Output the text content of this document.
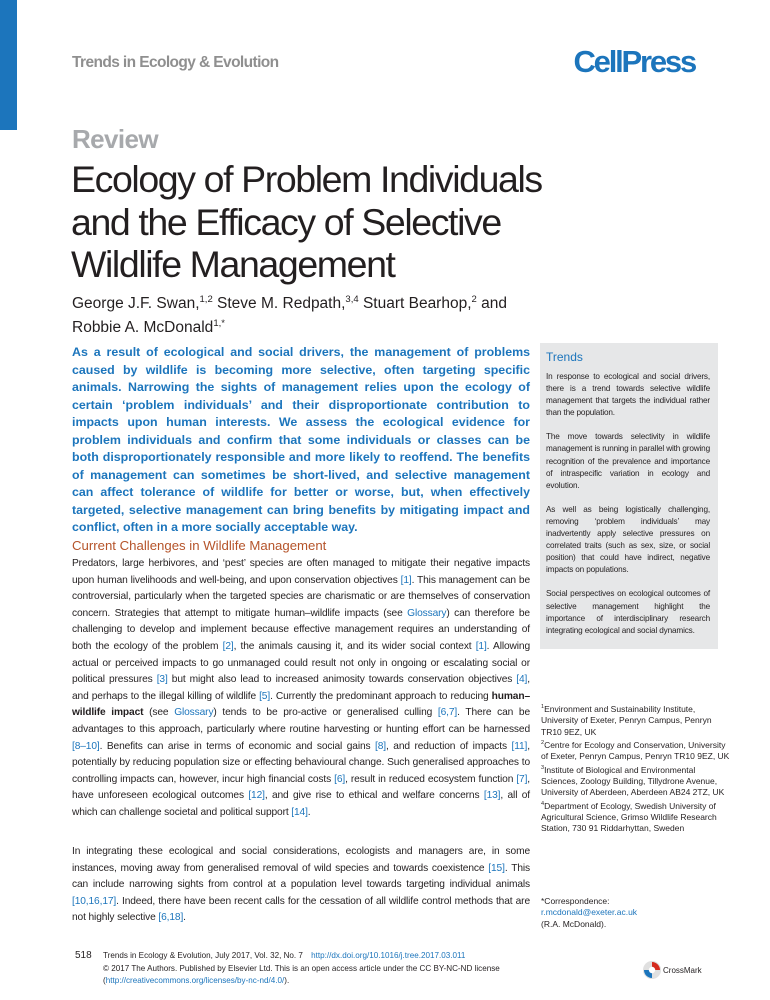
Trends in Ecology & Evolution	CellPress
Review
Ecology of Problem Individuals and the Efficacy of Selective Wildlife Management
George J.F. Swan,$^{1,2}$ Steve M. Redpath,$^{3,4}$ Stuart Bearhop,$^2$ and Robbie A. McDonald$^{1,*}$
As a result of ecological and social drivers, the management of problems caused by wildlife is becoming more selective, often targeting specific animals. Narrowing the sights of management relies upon the ecology of certain ‘problem individuals’ and their disproportionate contribution to impacts upon human interests. We assess the ecological evidence for problem individuals and confirm that some individuals or classes can be both disproportionately responsible and more likely to reoffend. The benefits of management can sometimes be short-lived, and selective management can affect tolerance of wildlife for better or worse, but, when effectively targeted, selective management can bring benefits by mitigating impact and conflict, often in a more socially acceptable way.
Trends

In response to ecological and social drivers, there is a trend towards selective wildlife management that targets the individual rather than the population.

The move towards selectivity in wildlife management is running in parallel with growing recognition of the prevalence and importance of intraspecific variation in ecology and evolution.

As well as being logistically challenging, removing ‘problem individuals’ may inadvertently apply selective pressures on correlated traits (such as sex, size, or social position) that could have indirect, negative impacts on populations.

Social perspectives on ecological outcomes of selective management highlight the importance of interdisciplinary research integrating ecological and social dynamics.

Current Challenges in Wildlife Management
Predators, large herbivores, and ‘pest’ species are often managed to mitigate their negative impacts upon human livelihoods and well-being, and upon conservation objectives [1]. This management can be controversial, particularly when the targeted species are charismatic or are themselves of conservation concern. Strategies that attempt to mitigate human–wildlife impacts (see Glossary) can therefore be challenging to develop and implement because effective management requires an understanding of both the ecology of the problem [2], the animals causing it, and its wider social context [1]. Allowing actual or perceived impacts to go unmanaged could result not only in ongoing or escalating social or political pressures [3] but might also lead to increased animosity towards conservation objectives [4], and perhaps to the illegal killing of wildlife [5]. Currently the predominant approach to reducing human–wildlife impact (see Glossary) tends to be pro-active or generalised culling [6,7]. There can be advantages to this approach, particularly where routine harvesting or hunting effort can be harnessed [8–10]. Benefits can arise in terms of economic and social gains [8], and reduction of impacts [11], potentially by reducing population size or effecting behavioural change. Such generalised approaches to controlling impacts can, however, incur high financial costs [6], result in reduced ecosystem function [7], have unforeseen ecological outcomes [12], and give rise to ethical and welfare concerns [13], all of which can challenge societal and political support [14].
In integrating these ecological and social considerations, ecologists and managers are, in some instances, moving away from generalised removal of wild species and towards coexistence [15]. This can include narrowing sights from control at a population level towards targeting individual animals [10,16,17]. Indeed, there have been recent calls for the cessation of all wildlife control methods that are not highly selective [6,18].
$^1$Environment and Sustainability Institute, University of Exeter, Penryn Campus, Penryn TR10 9EZ, UK
$^2$Centre for Ecology and Conservation, University of Exeter, Penryn Campus, Penryn TR10 9EZ, UK
$^3$Institute of Biological and Environmental Sciences, Zoology Building, Tillydrone Avenue, University of Aberdeen, Aberdeen AB24 2TZ, UK
$^4$Department of Ecology, Swedish University of Agricultural Science, Grimso Wildlife Research Station, 730 91 Riddarhyttan, Sweden
*Correspondence:
r.mcdonald@exeter.ac.uk
(R.A. McDonald).
518 Trends in Ecology & Evolution, July 2017, Vol. 32, No. 7 http://dx.doi.org/10.1016/j.tree.2017.03.011
© 2017 The Authors. Published by Elsevier Ltd. This is an open access article under the CC BY-NC-ND license (http://creativecommons.org/licenses/by-nc-nd/4.0/).
CrossMark
